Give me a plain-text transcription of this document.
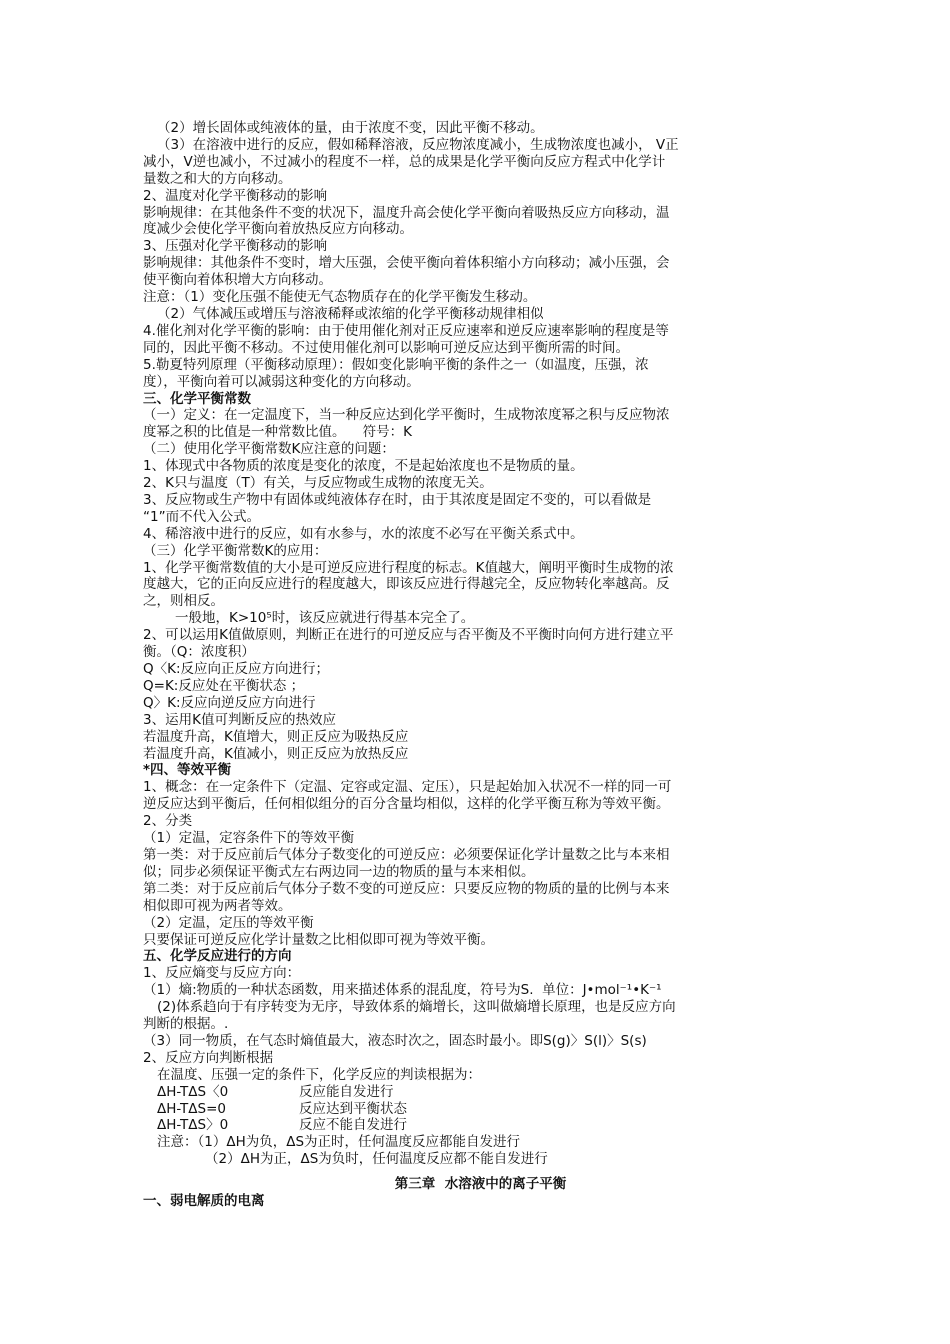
（2）增长固体或纯液体的量，由于浓度不变，因此平衡不移动。
（3）在溶液中进行的反应，假如稀释溶液，反应物浓度减小，生成物浓度也减小， V正
减小，V逆也减小，不过减小的程度不一样，总的成果是化学平衡向反应方程式中化学计
量数之和大的方向移动。
2、温度对化学平衡移动的影响
影响规律：在其他条件不变的状况下，温度升高会使化学平衡向着吸热反应方向移动，温
度减少会使化学平衡向着放热反应方向移动。
3、压强对化学平衡移动的影响
影响规律：其他条件不变时，增大压强，会使平衡向着体积缩小方向移动；减小压强，会
使平衡向着体积增大方向移动。
注意：（1）变化压强不能使无气态物质存在的化学平衡发生移动。
（2）气体减压或增压与溶液稀释或浓缩的化学平衡移动规律相似
4.催化剂对化学平衡的影响：由于使用催化剂对正反应速率和逆反应速率影响的程度是等
同的，因此平衡不移动。不过使用催化剂可以影响可逆反应达到平衡所需的时间。
5.勒夏特列原理（平衡移动原理）：假如变化影响平衡的条件之一（如温度，压强，浓
度），平衡向着可以减弱这种变化的方向移动。
三、化学平衡常数
（一）定义：在一定温度下，当一种反应达到化学平衡时，生成物浓度幂之积与反应物浓
度幂之积的比值是一种常数比值。    符号：K
（二）使用化学平衡常数K应注意的问题：
1、体现式中各物质的浓度是变化的浓度，不是起始浓度也不是物质的量。
2、K只与温度（T）有关，与反应物或生成物的浓度无关。
3、反应物或生产物中有固体或纯液体存在时，由于其浓度是固定不变的，可以看做是
“1”而不代入公式。
4、稀溶液中进行的反应，如有水参与，水的浓度不必写在平衡关系式中。
（三）化学平衡常数K的应用：
1、化学平衡常数值的大小是可逆反应进行程度的标志。K值越大，阐明平衡时生成物的浓
度越大，它的正向反应进行的程度越大，即该反应进行得越完全，反应物转化率越高。反
之，则相反。
一般地，K>10⁵时，该反应就进行得基本完全了。
2、可以运用K值做原则，判断正在进行的可逆反应与否平衡及不平衡时向何方进行建立平
衡。（Q：浓度积）
Q〈K:反应向正反应方向进行；
Q=K:反应处在平衡状态 ；
Q〉K:反应向逆反应方向进行
3、运用K值可判断反应的热效应
若温度升高，K值增大，则正反应为吸热反应
若温度升高，K值减小，则正反应为放热反应
*四、等效平衡
1、概念：在一定条件下（定温、定容或定温、定压），只是起始加入状况不一样的同一可
逆反应达到平衡后，任何相似组分的百分含量均相似，这样的化学平衡互称为等效平衡。
2、分类
（1）定温，定容条件下的等效平衡
第一类：对于反应前后气体分子数变化的可逆反应：必须要保证化学计量数之比与本来相
似；同步必须保证平衡式左右两边同一边的物质的量与本来相似。
第二类：对于反应前后气体分子数不变的可逆反应：只要反应物的物质的量的比例与本来
相似即可视为两者等效。
（2）定温，定压的等效平衡
只要保证可逆反应化学计量数之比相似即可视为等效平衡。
五、化学反应进行的方向
1、反应熵变与反应方向：
（1）熵:物质的一种状态函数，用来描述体系的混乱度，符号为S.  单位：J•mol⁻¹•K⁻¹
(2)体系趋向于有序转变为无序，导致体系的熵增长，这叫做熵增长原理，也是反应方向
判断的根据。.
（3）同一物质，在气态时熵值最大，液态时次之，固态时最小。即S(g)〉S(l)〉S(s)
2、反应方向判断根据
在温度、压强一定的条件下，化学反应的判读根据为：
ΔH-TΔS〈0	反应能自发进行
ΔH-TΔS=0	反应达到平衡状态
ΔH-TΔS〉0	反应不能自发进行
注意：（1）ΔH为负，ΔS为正时，任何温度反应都能自发进行
（2）ΔH为正，ΔS为负时，任何温度反应都不能自发进行
第三章  水溶液中的离子平衡
一、弱电解质的电离
